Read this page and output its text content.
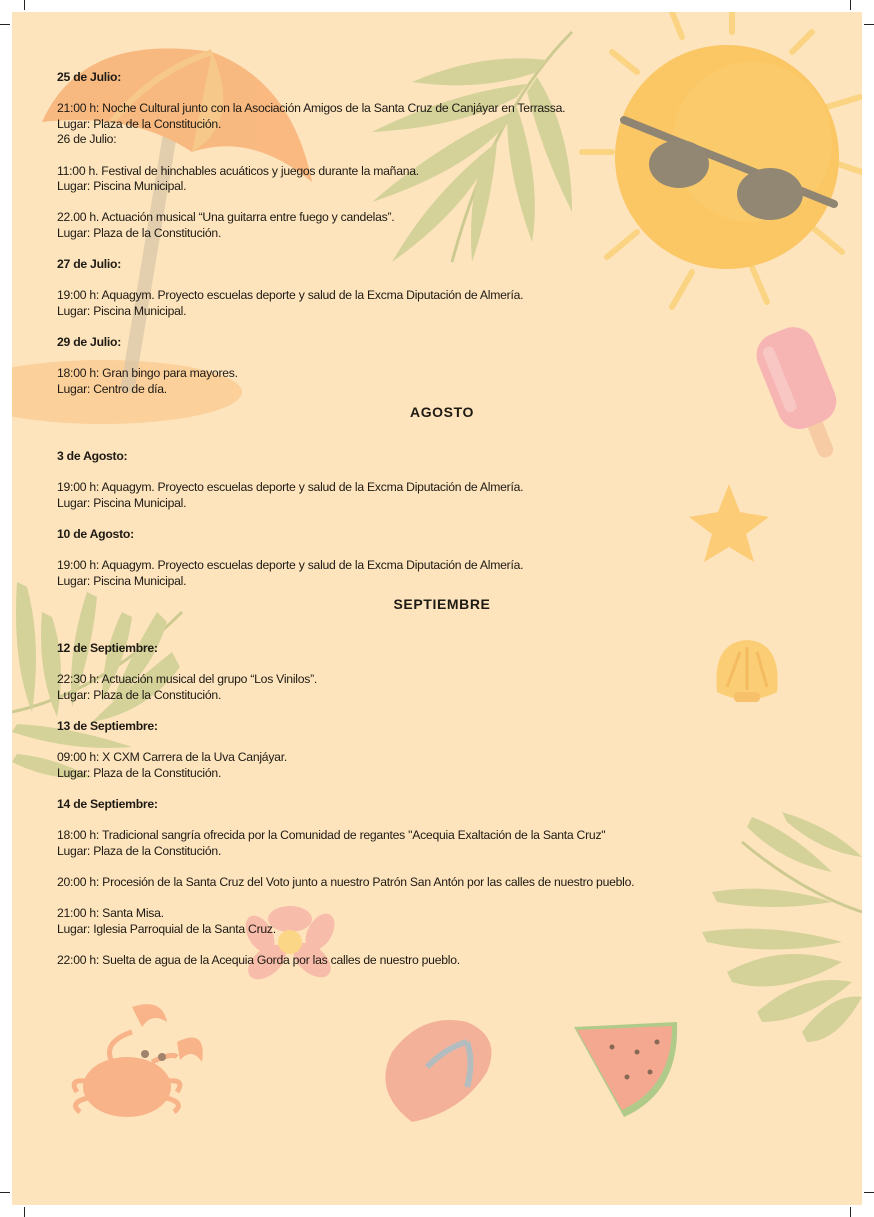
25 de Julio:
21:00 h: Noche Cultural junto con la Asociación Amigos de la Santa Cruz de Canjáyar en Terrassa.
Lugar: Plaza de la Constitución.
26 de Julio:
11:00 h. Festival de hinchables acuáticos y juegos durante la mañana.
Lugar: Piscina Municipal.
22.00 h. Actuación musical “Una guitarra entre fuego y candelas”.
Lugar: Plaza de la Constitución.
27 de Julio:
19:00 h: Aquagym. Proyecto escuelas deporte y salud de la Excma Diputación de Almería.
Lugar: Piscina Municipal.
29 de Julio:
18:00 h: Gran bingo para mayores.
Lugar: Centro de día.
AGOSTO
3 de Agosto:
19:00 h: Aquagym. Proyecto escuelas deporte y salud de la Excma Diputación de Almería.
Lugar: Piscina Municipal.
10 de Agosto:
19:00 h: Aquagym. Proyecto escuelas deporte y salud de la Excma Diputación de Almería.
Lugar: Piscina Municipal.
SEPTIEMBRE
12 de Septiembre:
22:30 h: Actuación musical del grupo “Los Vinilos”.
Lugar: Plaza de la Constitución.
13 de Septiembre:
09:00 h: X CXM Carrera de la Uva Canjáyar.
Lugar: Plaza de la Constitución.
14 de Septiembre:
18:00 h: Tradicional sangría ofrecida por la Comunidad de regantes "Acequia Exaltación de la Santa Cruz"
Lugar: Plaza de la Constitución.
20:00 h: Procesión de la Santa Cruz del Voto junto a nuestro Patrón San Antón por las calles de nuestro pueblo.
21:00 h: Santa Misa.
Lugar: Iglesia Parroquial de la Santa Cruz.
22:00 h: Suelta de agua de la Acequia Gorda por las calles de nuestro pueblo.
